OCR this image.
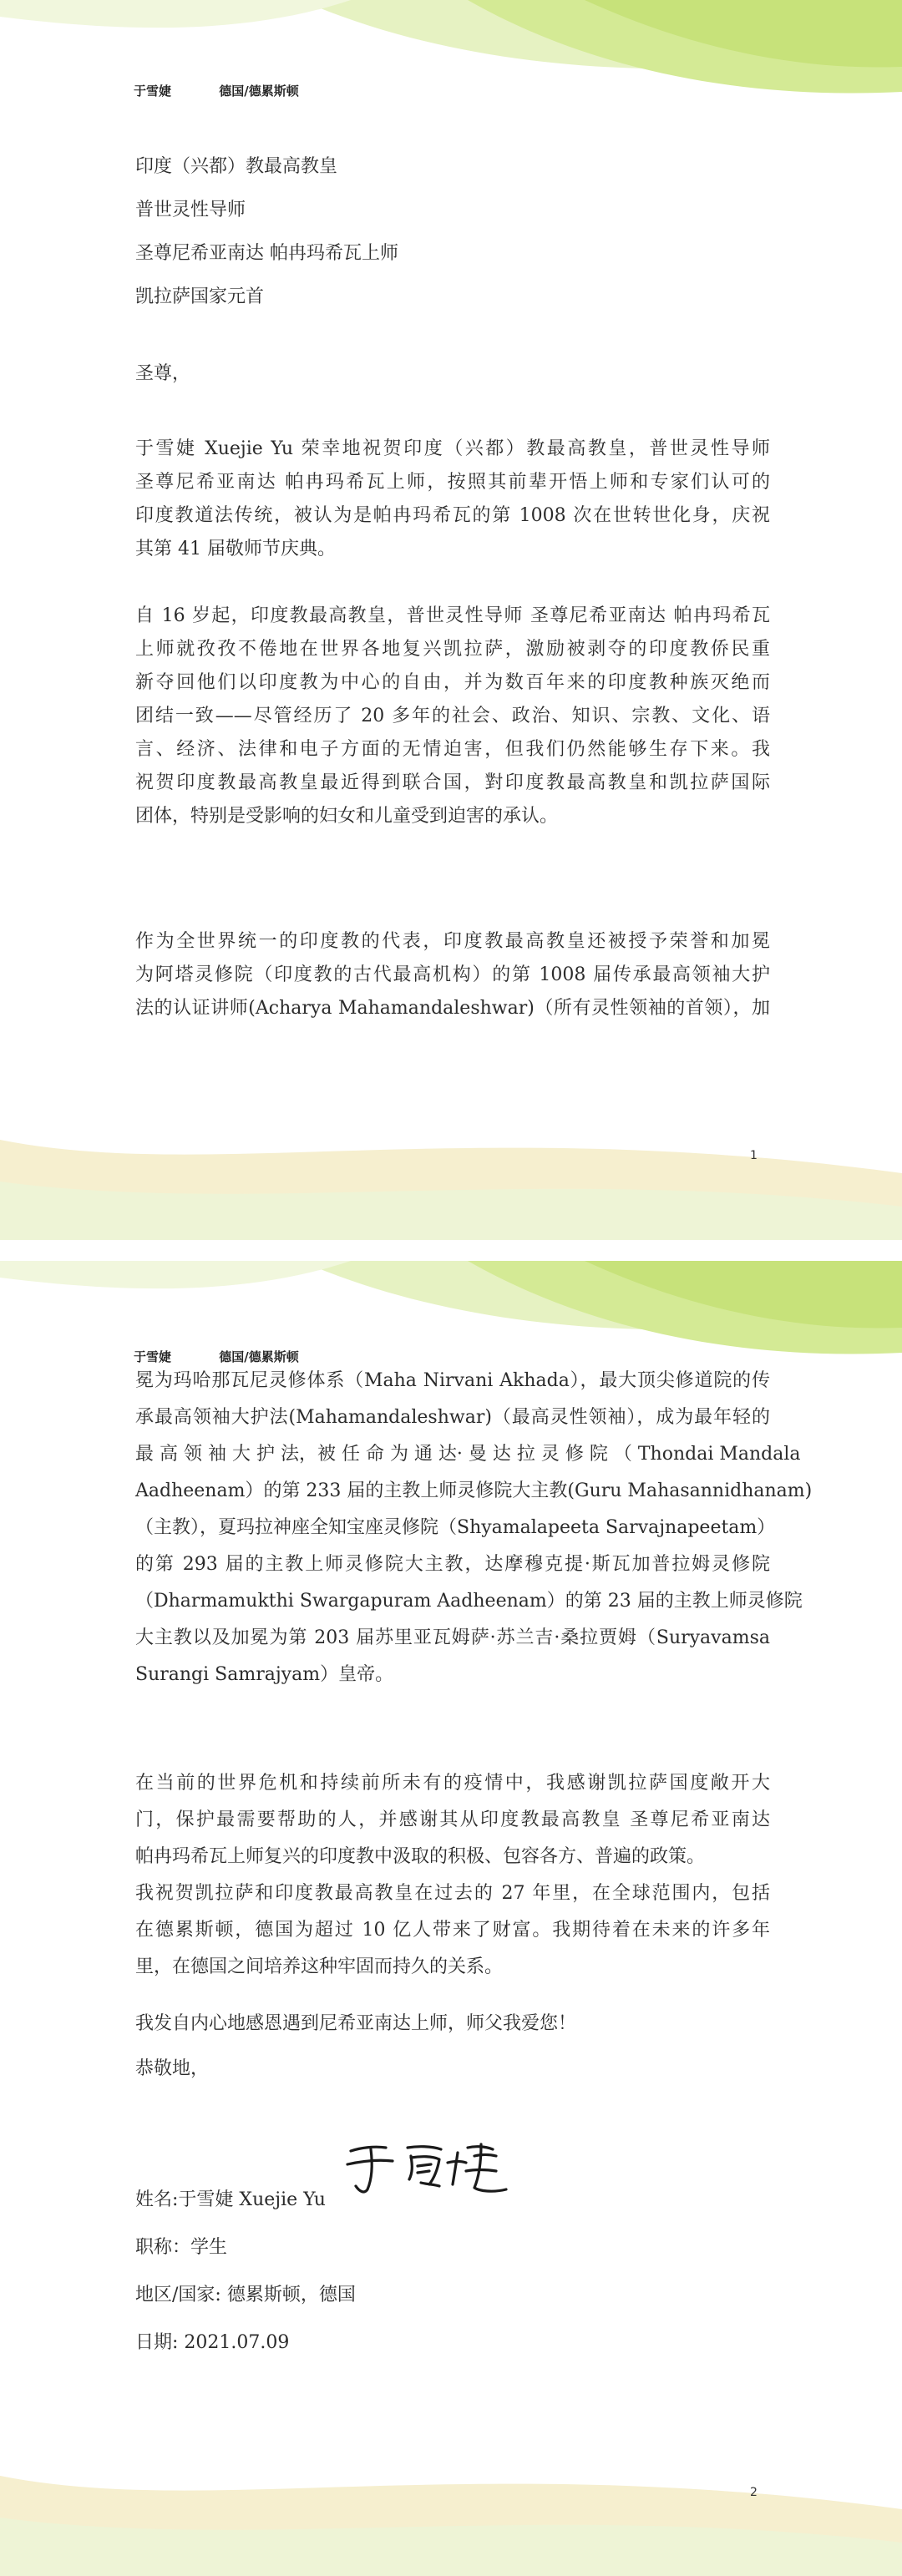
于雪婕	德国/德累斯顿
印度（兴都）教最高教皇
普世灵性导师
圣尊尼希亚南达 帕冉玛希瓦上师
凯拉萨国家元首
圣尊，
于雪婕 Xuejie Yu 荣幸地祝贺印度（兴都）教最高教皇，普世灵性导师
圣尊尼希亚南达 帕冉玛希瓦上师，按照其前辈开悟上师和专家们认可的
印度教道法传统，被认为是帕冉玛希瓦的第 1008 次在世转世化身，庆祝
其第 41 届敬师节庆典。
自 16 岁起，印度教最高教皇，普世灵性导师 圣尊尼希亚南达 帕冉玛希瓦
上师就孜孜不倦地在世界各地复兴凯拉萨，激励被剥夺的印度教侨民重
新夺回他们以印度教为中心的自由，并为数百年来的印度教种族灭绝而
团结一致——尽管经历了 20 多年的社会、政治、知识、宗教、文化、语
言、经济、法律和电子方面的无情迫害，但我们仍然能够生存下来。我
祝贺印度教最高教皇最近得到联合国，對印度教最高教皇和凯拉萨国际
团体，特别是受影响的妇女和儿童受到迫害的承认。
作为全世界统一的印度教的代表，印度教最高教皇还被授予荣誉和加冕
为阿塔灵修院（印度教的古代最高机构）的第 1008 届传承最高领袖大护
法的认证讲师(Acharya Mahamandaleshwar)（所有灵性领袖的首领），加
1
于雪婕	德国/德累斯顿
冕为玛哈那瓦尼灵修体系（Maha Nirvani Akhada），最大顶尖修道院的传
承最高领袖大护法(Mahamandaleshwar)（最高灵性领袖），成为最年轻的
最 高 领 袖 大 护 法，被 任 命 为 通 达· 曼 达 拉 灵 修 院 （ Thondai Mandala
Aadheenam）的第 233 届的主教上师灵修院大主教(Guru Mahasannidhanam)
（主教），夏玛拉神座全知宝座灵修院（Shyamalapeeta Sarvajnapeetam）
的第 293 届的主教上师灵修院大主教，达摩穆克提·斯瓦加普拉姆灵修院
（Dharmamukthi Swargapuram Aadheenam）的第 23 届的主教上师灵修院
大主教以及加冕为第 203 届苏里亚瓦姆萨·苏兰吉·桑拉贾姆（Suryavamsa
Surangi Samrajyam）皇帝。
在当前的世界危机和持续前所未有的疫情中，我感谢凯拉萨国度敞开大
门，保护最需要帮助的人，并感谢其从印度教最高教皇 圣尊尼希亚南达
帕冉玛希瓦上师复兴的印度教中汲取的积极、包容各方、普遍的政策。
我祝贺凯拉萨和印度教最高教皇在过去的 27 年里，在全球范围内，包括
在德累斯顿，德国为超过 10 亿人带来了财富。我期待着在未来的许多年
里，在德国之间培养这种牢固而持久的关系。
我发自内心地感恩遇到尼希亚南达上师，师父我爱您！
恭敬地，
于雪婕
姓名:于雪婕 Xuejie Yu
职称：学生
地区/国家: 德累斯顿，德国
日期: 2021.07.09
2
